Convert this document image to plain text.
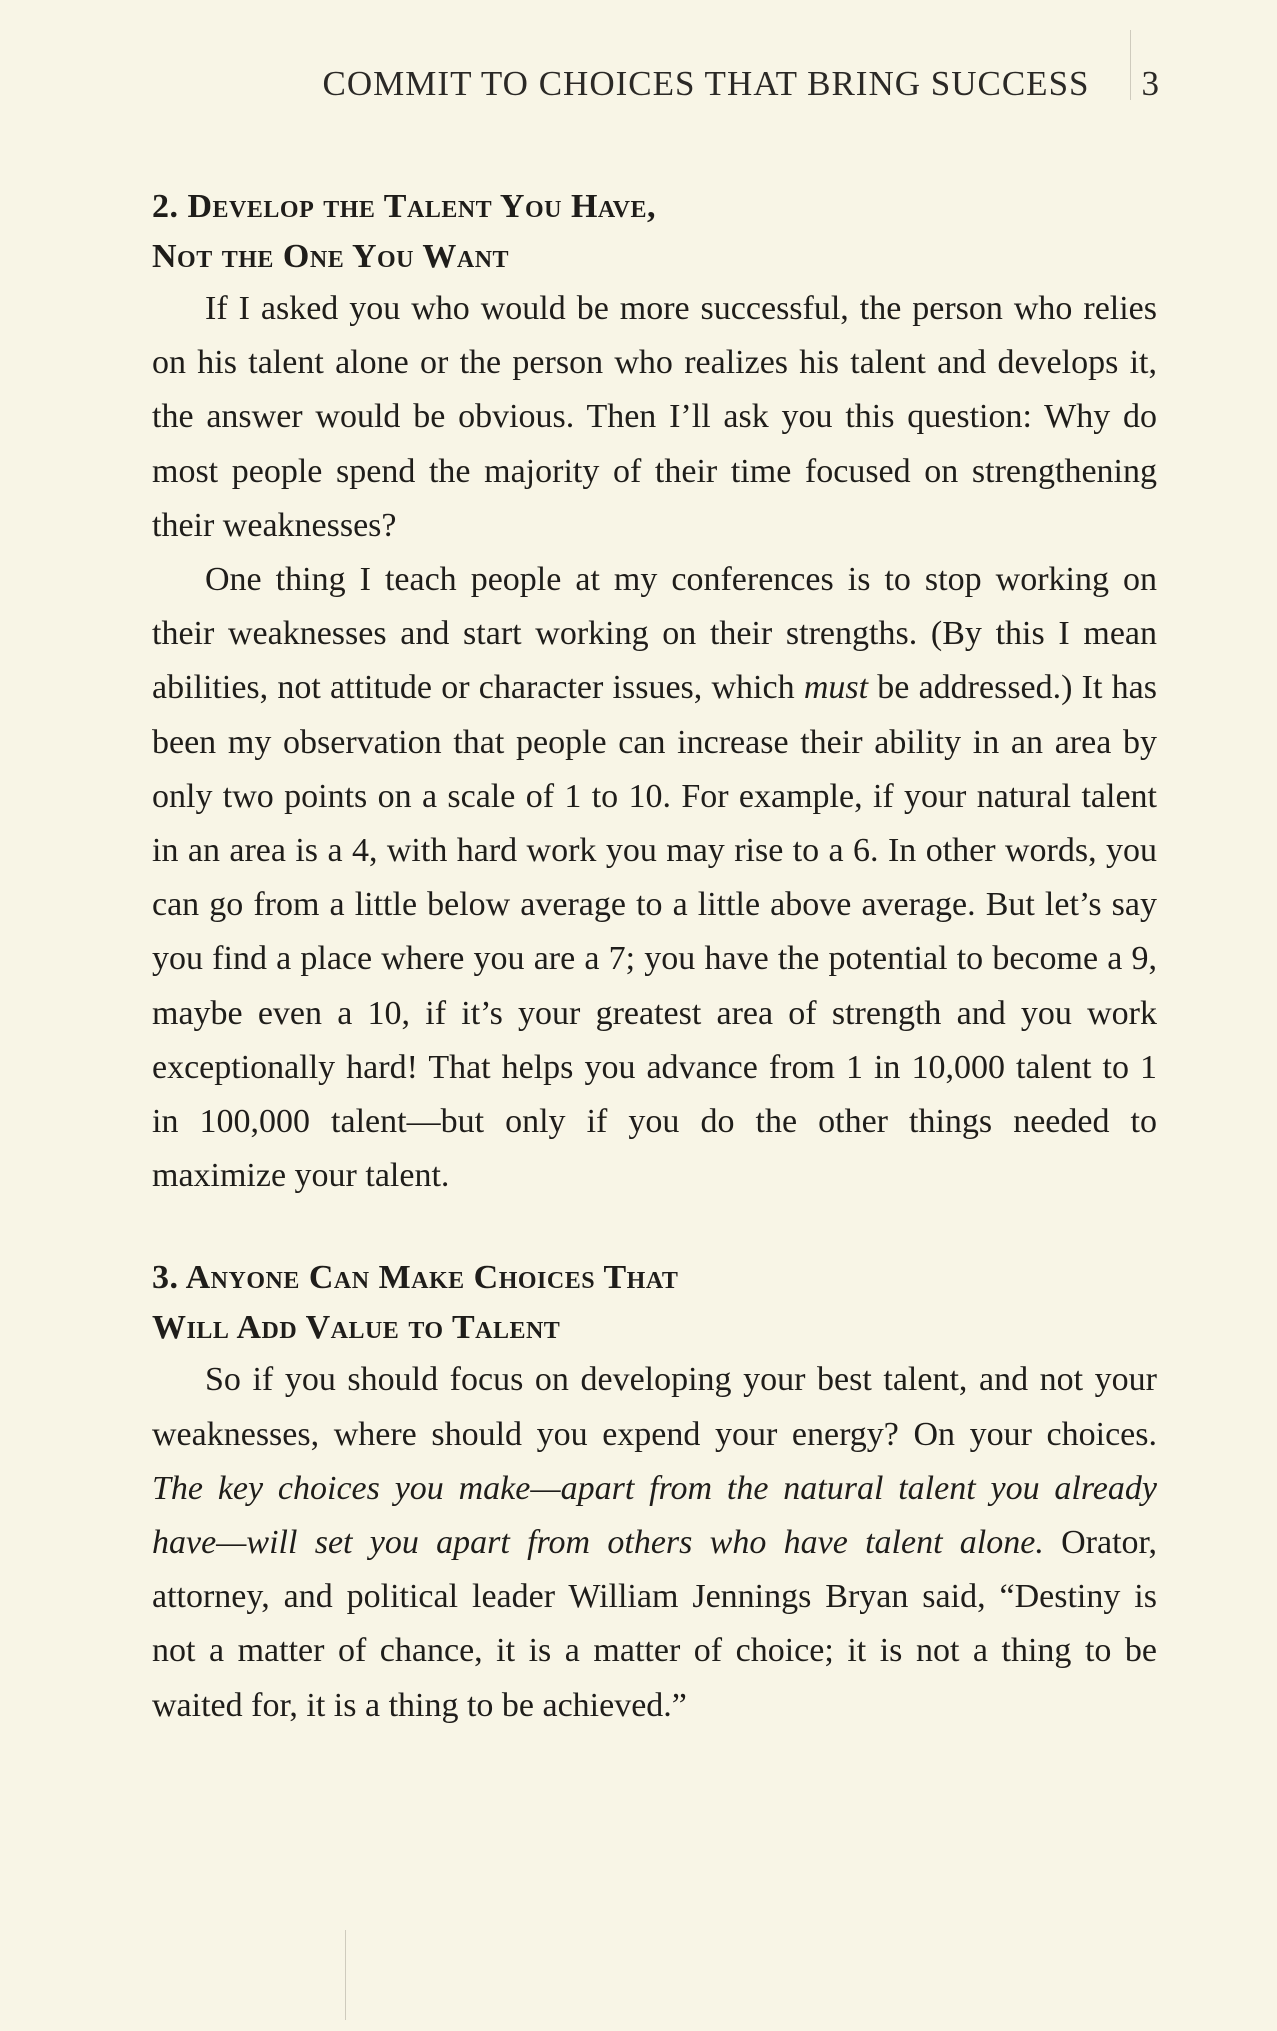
COMMIT TO CHOICES THAT BRING SUCCESS 3
2. Develop the Talent You Have,
Not the One You Want

If I asked you who would be more successful, the person who relies on his talent alone or the person who realizes his talent and develops it, the answer would be obvious. Then I’ll ask you this question: Why do most people spend the majority of their time focused on strengthening their weaknesses?

One thing I teach people at my conferences is to stop working on their weaknesses and start working on their strengths. (By this I mean abilities, not attitude or character issues, which must be addressed.) It has been my observation that people can increase their ability in an area by only two points on a scale of 1 to 10. For example, if your natural talent in an area is a 4, with hard work you may rise to a 6. In other words, you can go from a little below average to a little above average. But let’s say you find a place where you are a 7; you have the potential to become a 9, maybe even a 10, if it’s your greatest area of strength and you work exceptionally hard! That helps you advance from 1 in 10,000 talent to 1 in 100,000 talent—but only if you do the other things needed to maximize your talent.

3. Anyone Can Make Choices That
Will Add Value to Talent

So if you should focus on developing your best talent, and not your weaknesses, where should you expend your energy? On your choices. The key choices you make—apart from the natural talent you already have—will set you apart from others who have talent alone. Orator, attorney, and political leader William Jennings Bryan said, “Destiny is not a matter of chance, it is a matter of choice; it is not a thing to be waited for, it is a thing to be achieved.”
